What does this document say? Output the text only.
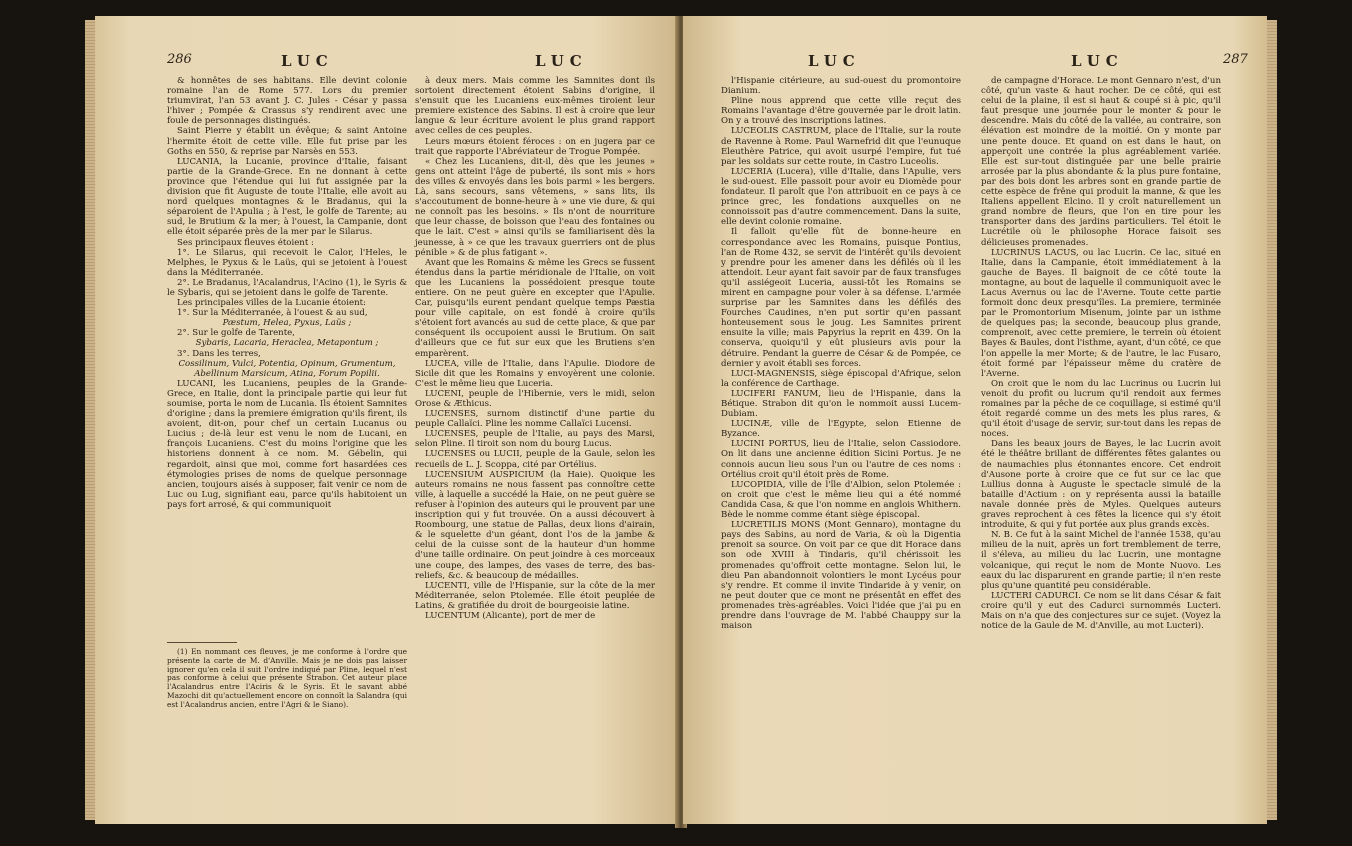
286	LUC	LUC

& honnêtes de ses habitans. Elle devint colonie romaine l'an de Rome 577. Lors du premier triumvirat, l'an 53 avant J. C. Jules - César y passa l'hiver ; Pompée & Crassus s'y rendirent avec une foule de personnages distingués.

Saint Pierre y établit un évêque; & saint Antoine l'hermite étoit de cette ville. Elle fut prise par les Goths en 550, & reprise par Narsès en 553.

LUCANIA, la Lucanie, province d'Italie, faisant partie de la Grande-Grece. En ne donnant à cette province que l'étendue qui lui fut assignée par la division que fit Auguste de toute l'Italie, elle avoit au nord quelques montagnes & le Bradanus, qui la séparoient de l'Apulia ; à l'est, le golfe de Tarente; au sud, le Brutium & la mer; à l'ouest, la Campanie, dont elle étoit séparée près de la mer par le Silarus.

Ses principaux fleuves étoient :

1°. Le Silarus, qui recevoit le Calor, l'Heles, le Melphes, le Pyxus & le Laüs, qui se jetoient à l'ouest dans la Méditerranée.

2°. Le Bradanus, l'Acalandrus, l'Acino (1), le Syris & le Sybaris, qui se jetoient dans le golfe de Tarente.

Les principales villes de la Lucanie étoient:

1°. Sur la Méditerranée, à l'ouest & au sud,

Pæstum, Helea, Pyxus, Laüs ;

2°. Sur le golfe de Tarente,

Sybaris, Lacaria, Heraclea, Metapontum ;

3°. Dans les terres,

Cossilinum, Vulci, Potentia, Opinum, Grumentum, Abellinum Marsicum, Atina, Forum Popilii.

LUCANI, les Lucaniens, peuples de la Grande-Grece, en Italie, dont la principale partie qui leur fut soumise, porta le nom de Lucania. Ils étoient Samnites d'origine ; dans la premiere émigration qu'ils firent, ils avoient, dit-on, pour chef un certain Lucanus ou Lucius ; de-là leur est venu le nom de Lucani, en françois Lucaniens. C'est du moins l'origine que les historiens donnent à ce nom. M. Gébelin, qui regardoit, ainsi que moi, comme fort hasardées ces étymologies prises de noms de quelque personnage ancien, toujours aisés à supposer, fait venir ce nom de Luc ou Lug, signifiant eau, parce qu'ils habitoient un pays fort arrosé, & qui communiquoit

(1) En nommant ces fleuves, je me conforme à l'ordre que présente la carte de M. d'Anville. Mais je ne dois pas laisser ignorer qu'en cela il suit l'ordre indiqué par Pline, lequel n'est pas conforme à celui que présente Strabon. Cet auteur place l'Acalandrus entre l'Aciris & le Syris. Et le savant abbé Mazochi dit qu'actuellement encore on connoît la Salandra (qui est l'Acalandrus ancien, entre l'Agri & le Siano).

à deux mers. Mais comme les Samnites dont ils sortoient directement étoient Sabins d'origine, il s'ensuit que les Lucaniens eux-mêmes tiroient leur premiere existence des Sabins. Il est à croire que leur langue & leur écriture avoient le plus grand rapport avec celles de ces peuples.

Leurs mœurs étoient féroces : on en jugera par ce trait que rapporte l'Abréviateur de Trogue Pompée.

« Chez les Lucaniens, dit-il, dès que les jeunes » gens ont atteint l'âge de puberté, ils sont mis » hors des villes & envoyés dans les bois parmi » les bergers. Là, sans secours, sans vêtemens, » sans lits, ils s'accoutument de bonne-heure à » une vie dure, & qui ne connoît pas les besoins. » Ils n'ont de nourriture que leur chasse, de boisson que l'eau des fontaines ou que le lait. C'est » ainsi qu'ils se familiarisent dès la jeunesse, à » ce que les travaux guerriers ont de plus pénible » & de plus fatigant ».

Avant que les Romains & même les Grecs se fussent étendus dans la partie méridionale de l'Italie, on voit que les Lucaniens la possédoient presque toute entiere. On ne peut guère en excepter que l'Apulie. Car, puisqu'ils eurent pendant quelque temps Pæstia pour ville capitale, on est fondé à croire qu'ils s'étoient fort avancés au sud de cette place, & que par conséquent ils occupoient aussi le Brutium. On sait d'ailleurs que ce fut sur eux que les Brutiens s'en emparèrent.

LUCEA, ville de l'Italie, dans l'Apulie. Diodore de Sicile dit que les Romains y envoyèrent une colonie. C'est le même lieu que Luceria.

LUCENI, peuple de l'Hibernie, vers le midi, selon Orose & Æthicus.

LUCENSES, surnom distinctif d'une partie du peuple Callaïci. Pline les nomme Callaïci Lucensi.

LUCENSES, peuple de l'Italie, au pays des Marsi, selon Pline. Il tiroit son nom du bourg Lucus.

LUCENSES ou LUCII, peuple de la Gaule, selon les recueils de L. J. Scoppa, cité par Ortélius.

LUCENSIUM AUSPICIUM (la Haie). Quoique les auteurs romains ne nous fassent pas connoître cette ville, à laquelle a succédé la Haie, on ne peut guère se refuser à l'opinion des auteurs qui le prouvent par une inscription qui y fut trouvée. On a aussi découvert à Roombourg, une statue de Pallas, deux lions d'airain, & le squelette d'un géant, dont l'os de la jambe & celui de la cuisse sont de la hauteur d'un homme d'une taille ordinaire. On peut joindre à ces morceaux une coupe, des lampes, des vases de terre, des bas-reliefs, &c. & beaucoup de médailles.

LUCENTI, ville de l'Hispanie, sur la côte de la mer Méditerranée, selon Ptolemée. Elle étoit peuplée de Latins, & gratifiée du droit de bourgeoisie latine.

LUCENTUM (Alicante), port de mer de

LUC	LUC	287

l'Hispanie citérieure, au sud-ouest du promontoire Dianium.

Pline nous apprend que cette ville reçut des Romains l'avantage d'être gouvernée par le droit latin. On y a trouvé des inscriptions latines.

LUCEOLIS CASTRUM, place de l'Italie, sur la route de Ravenne à Rome. Paul Warnefrid dit que l'eunuque Eleuthère Patrice, qui avoit usurpé l'empire, fut tué par les soldats sur cette route, in Castro Luceolis.

LUCERIA (Lucera), ville d'Italie, dans l'Apulie, vers le sud-ouest. Elle passoit pour avoir eu Diomède pour fondateur. Il paroît que l'on attribuoit en ce pays à ce prince grec, les fondations auxquelles on ne connoissoit pas d'autre commencement. Dans la suite, elle devint colonie romaine.

Il falloit qu'elle fût de bonne-heure en correspondance avec les Romains, puisque Pontius, l'an de Rome 432, se servit de l'intérêt qu'ils devoient y prendre pour les amener dans les défilés où il les attendoit. Leur ayant fait savoir par de faux transfuges qu'il assiégeoit Luceria, aussi-tôt les Romains se mirent en campagne pour voler à sa défense. L'armée surprise par les Samnites dans les défilés des Fourches Caudines, n'en put sortir qu'en passant honteusement sous le joug. Les Samnites prirent ensuite la ville; mais Papyrius la reprit en 439. On la conserva, quoiqu'il y eût plusieurs avis pour la détruire. Pendant la guerre de César & de Pompée, ce dernier y avoit établi ses forces.

LUCI-MAGNENSIS, siège épiscopal d'Afrique, selon la conférence de Carthage.

LUCIFERI FANUM, lieu de l'Hispanie, dans la Bétique. Strabon dit qu'on le nommoit aussi Lucem-Dubiam.

LUCINÆ, ville de l'Egypte, selon Etienne de Byzance.

LUCINI PORTUS, lieu de l'Italie, selon Cassiodore. On lit dans une ancienne édition Sicini Portus. Je ne connois aucun lieu sous l'un ou l'autre de ces noms : Ortélius croit qu'il étoit près de Rome.

LUCOPIDIA, ville de l'île d'Albion, selon Ptolemée : on croit que c'est le même lieu qui a été nommé Candida Casa, & que l'on nomme en anglois Whithern. Bède le nomme comme étant siège épiscopal.

LUCRETILIS MONS (Mont Gennaro), montagne du pays des Sabins, au nord de Varia, & où la Digentia prenoit sa source. On voit par ce que dit Horace dans son ode XVIII à Tindaris, qu'il chérissoit les promenades qu'offroit cette montagne. Selon lui, le dieu Pan abandonnoit volontiers le mont Lycéus pour s'y rendre. Et comme il invite Tindaride à y venir, on ne peut douter que ce mont ne présentât en effet des promenades très-agréables. Voici l'idée que j'ai pu en prendre dans l'ouvrage de M. l'abbé Chauppy sur la maison

de campagne d'Horace. Le mont Gennaro n'est, d'un côté, qu'un vaste & haut rocher. De ce côté, qui est celui de la plaine, il est si haut & coupé si à pic, qu'il faut presque une journée pour le monter & pour le descendre. Mais du côté de la vallée, au contraire, son élévation est moindre de la moitié. On y monte par une pente douce. Et quand on est dans le haut, on apperçoit une contrée la plus agréablement variée. Elle est sur-tout distinguée par une belle prairie arrosée par la plus abondante & la plus pure fontaine, par des bois dont les arbres sont en grande partie de cette espèce de frêne qui produit la manne, & que les Italiens appellent Elcino. Il y croît naturellement un grand nombre de fleurs, que l'on en tire pour les transporter dans des jardins particuliers. Tel étoit le Lucrétile où le philosophe Horace faisoit ses délicieuses promenades.

LUCRINUS LACUS, ou lac Lucrin. Ce lac, situé en Italie, dans la Campanie, étoit immédiatement à la gauche de Bayes. Il baignoit de ce côté toute la montagne, au bout de laquelle il communiquoit avec le Lacus Avernus ou lac de l'Averne. Toute cette partie formoit donc deux presqu'îles. La premiere, terminée par le Promontorium Misenum, jointe par un isthme de quelques pas; la seconde, beaucoup plus grande, comprenoit, avec cette premiere, le terrein où étoient Bayes & Baules, dont l'isthme, ayant, d'un côté, ce que l'on appelle la mer Morte; & de l'autre, le lac Fusaro, étoit formé par l'épaisseur même du cratère de l'Averne.

On croit que le nom du lac Lucrinus ou Lucrin lui venoit du profit ou lucrum qu'il rendoit aux fermes romaines par la pêche de ce coquillage, si estimé qu'il étoit regardé comme un des mets les plus rares, & qu'il étoit d'usage de servir, sur-tout dans les repas de noces.

Dans les beaux jours de Bayes, le lac Lucrin avoit été le théâtre brillant de différentes fêtes galantes ou de naumachies plus étonnantes encore. Cet endroit d'Ausone porte à croire que ce fut sur ce lac que Lullius donna à Auguste le spectacle simulé de la bataille d'Actium : on y représenta aussi la bataille navale donnée près de Myles. Quelques auteurs graves reprochent à ces fêtes la licence qui s'y étoit introduite, & qui y fut portée aux plus grands excès.

N. B. Ce fut à la saint Michel de l'année 1538, qu'au milieu de la nuit, après un fort tremblement de terre, il s'éleva, au milieu du lac Lucrin, une montagne volcanique, qui reçut le nom de Monte Nuovo. Les eaux du lac disparurent en grande partie; il n'en reste plus qu'une quantité peu considérable.

LUCTERI CADURCI. Ce nom se lit dans César & fait croire qu'il y eut des Cadurci surnommés Lucteri. Mais on n'a que des conjectures sur ce sujet. (Voyez la notice de la Gaule de M. d'Anville, au mot Lucteri).
